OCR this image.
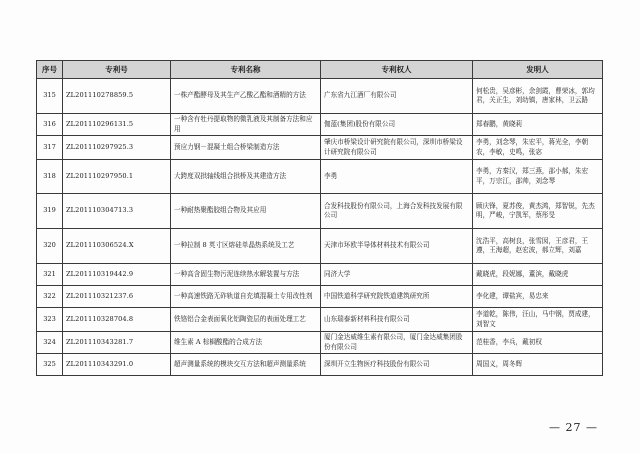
序号	专利号	专利名称	专利权人	发明人
315	ZL201110278859.5	一株产酯酵母及其生产乙酸乙酯和酒精的方法	广东省九江酒厂有限公司	何松贵，吴彦彬，余剑霞，曹荣冰，郭均君，关正生，刘幼镇，唐家林，卫云路
316	ZL201110296131.5	一种含有牡丹提取物的微乳液及其制备方法和应用	伽蓝(集团)股份有限公司	郑春鹏，黄晓莉
317	ZL201110297925.3	预应力钢－混凝土组合桥梁制造方法	肇庆市桥梁设计研究院有限公司，深圳市桥梁设计研究院有限公司	李勇，刘念琴，朱宏平，蒋光全，李朝农，李敏，史鸣，张宓
318	ZL201110297950.1	大跨度双拱轴线组合拱桥及其建造方法	李勇	李勇，方秦汉，郑三燕，邵小郝，朱宏平，万宗江，邵帅，刘念琴
319	ZL201110304713.3	一种耐热聚酯胶组合物及其应用	合发科技股份有限公司，上海合发科技发展有限公司	顾庆锋，夏苏俊，黄杰鸿，郑智锐，先杰明，严峻，宁凯军，蔡彤旻
320	ZL201110306524.X	一种拉制 8 英寸区熔硅单晶热系统及工艺	天津市环欧半导体材料技术有限公司	沈浩平，高树良，张雪囡，王彦君，王遵，王海超，赵宏波，郝立辉，刘嘉
321	ZL201110319442.9	一种高含固生物污泥连续热水解装置与方法	同济大学	戴晓虎，段妮娜，董滨，戴晓虎
322	ZL201110321237.6	一种高速铁路无砟轨道自充填混凝土专用改性剂	中国铁道科学研究院铁道建筑研究所	李化建，谭盐宾，易忠来
323	ZL201110328704.8	铁铬铝合金表面氧化铝陶瓷层的表面处理工艺	山东瑞泰新材料科技有限公司	李道乾，陈伟，汪山，马中钢，贾成建，刘智文
324	ZL201110343281.7	维生素 A 棕榈酸酯的合成方法	厦门金达威维生素有限公司，厦门金达威集团股份有限公司	范桂香，李兵，戴初权
325	ZL201110343291.0	超声测量系统的模块交互方法和超声测量系统	深圳开立生物医疗科技股份有限公司	周国义，周冬辉
— 27 —
